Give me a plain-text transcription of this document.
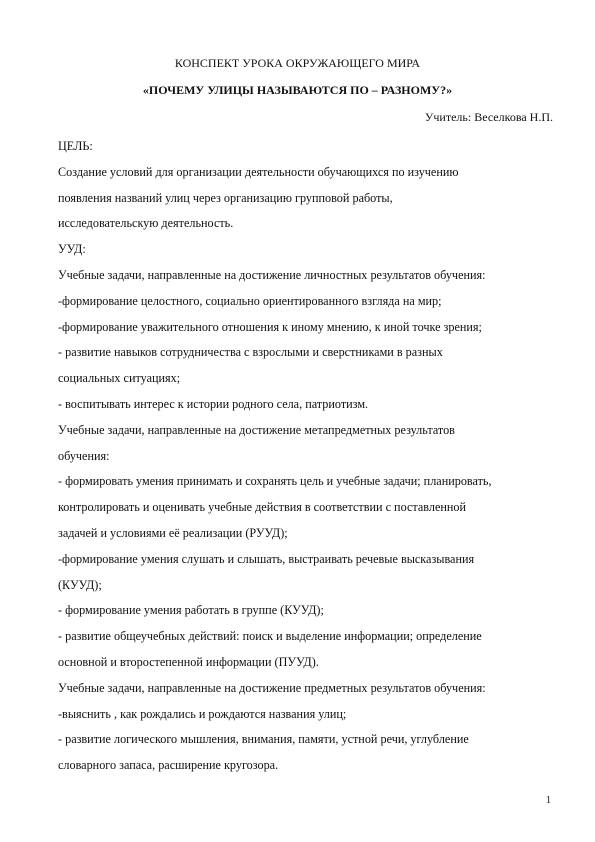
КОНСПЕКТ УРОКА ОКРУЖАЮЩЕГО МИРА
«ПОЧЕМУ УЛИЦЫ НАЗЫВАЮТСЯ ПО – РАЗНОМУ?»
Учитель: Веселкова Н.П.
ЦЕЛЬ:
Создание условий для организации деятельности обучающихся по изучению
появления названий улиц через организацию групповой работы,
исследовательскую деятельность.
УУД:
Учебные задачи, направленные на достижение личностных результатов обучения:
-формирование целостного, социально ориентированного взгляда на мир;
-формирование уважительного отношения к иному мнению, к иной точке зрения;
- развитие навыков сотрудничества с взрослыми и сверстниками в разных
социальных ситуациях;
- воспитывать интерес к истории родного села, патриотизм.
Учебные задачи, направленные на достижение метапредметных результатов
обучения:
- формировать умения принимать и сохранять цель и учебные задачи; планировать,
контролировать и оценивать учебные действия в соответствии с поставленной
задачей и условиями её реализации (РУУД);
-формирование умения слушать и слышать, выстраивать речевые высказывания
(КУУД);
- формирование умения работать в группе (КУУД);
- развитие общеучебных действий: поиск и выделение информации; определение
основной и второстепенной информации (ПУУД).
Учебные задачи, направленные на достижение предметных результатов обучения:
-выяснить , как рождались и рождаются названия улиц;
- развитие логического мышления, внимания, памяти, устной речи, углубление
словарного запаса, расширение кругозора.
1
